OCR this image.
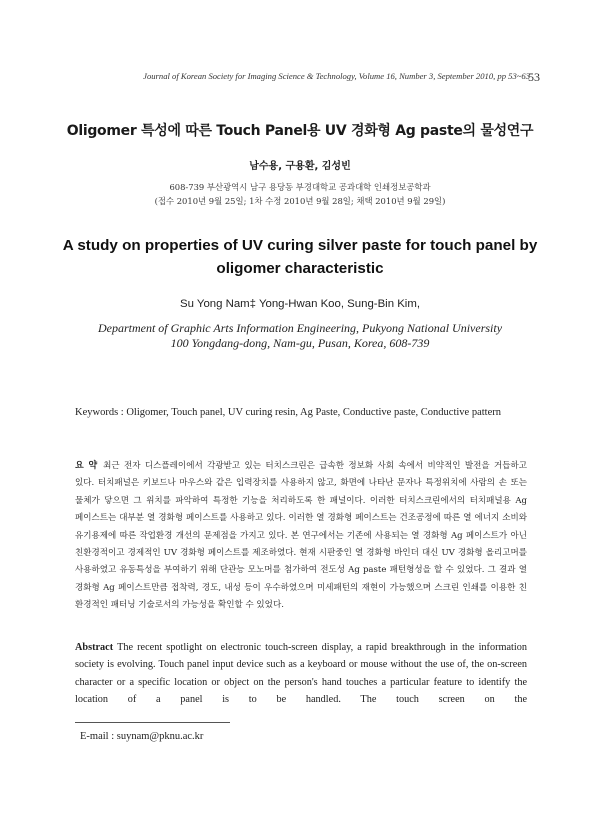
Journal of Korean Society for Imaging Science & Technology, Volume 16, Number 3, September 2010, pp 53~63
53
Oligomer 특성에 따른 Touch Panel용 UV 경화형 Ag paste의 물성연구
남수용, 구용환, 김성빈
608-739 부산광역시 남구 용당동 부경대학교 공과대학 인쇄정보공학과
(접수 2010년 9월 25일; 1차 수정 2010년 9월 28일; 채택 2010년 9월 29일)
A study on properties of UV curing silver paste for touch panel by oligomer characteristic
Su Yong Nam‡ Yong-Hwan Koo, Sung-Bin Kim,
Department of Graphic Arts Information Engineering, Pukyong National University
100 Yongdang-dong, Nam-gu, Pusan, Korea, 608-739
Keywords : Oligomer, Touch panel, UV curing resin, Ag Paste, Conductive paste, Conductive pattern
요 약 최근 전자 디스플레이에서 각광받고 있는 터치스크린은 급속한 정보화 사회 속에서 비약적인 발전을 거듭하고 있다. 터치패널은 키보드나 마우스와 같은 입력장치를 사용하지 않고, 화면에 나타난 문자나 특정위치에 사람의 손 또는 물체가 닿으면 그 위치를 파악하여 특정한 기능을 처리하도록 한 패널이다. 이러한 터치스크린에서의 터치패널용 Ag 페이스트는 대부분 열 경화형 페이스트를 사용하고 있다. 이러한 열 경화형 페이스트는 건조공정에 따른 열 에너지 소비와 유기용제에 따른 작업환경 개선의 문제점을 가지고 있다. 본 연구에서는 기존에 사용되는 열 경화형 Ag 페이스트가 아닌 친환경적이고 경제적인 UV 경화형 페이스트를 제조하였다. 현재 시판중인 열 경화형 바인더 대신 UV 경화형 올리고머를 사용하였고 유동특성을 부여하기 위해 단관능 모노머를 첨가하여 전도성 Ag paste 패턴형성을 할 수 있었다. 그 결과 열 경화형 Ag 페이스트만큼 접착력, 경도, 내성 등이 우수하였으며 미세패턴의 재현이 가능했으며 스크린 인쇄를 이용한 친 환경적인 패터닝 기술로서의 가능성을 확인할 수 있었다.
Abstract The recent spotlight on electronic touch-screen display, a rapid breakthrough in the information society is evolving. Touch panel input device such as a keyboard or mouse without the use of, the on-screen character or a specific location or object on the person's hand touches a particular feature to identify the location of a panel is to be handled. The touch screen on the
E-mail : suynam@pknu.ac.kr
